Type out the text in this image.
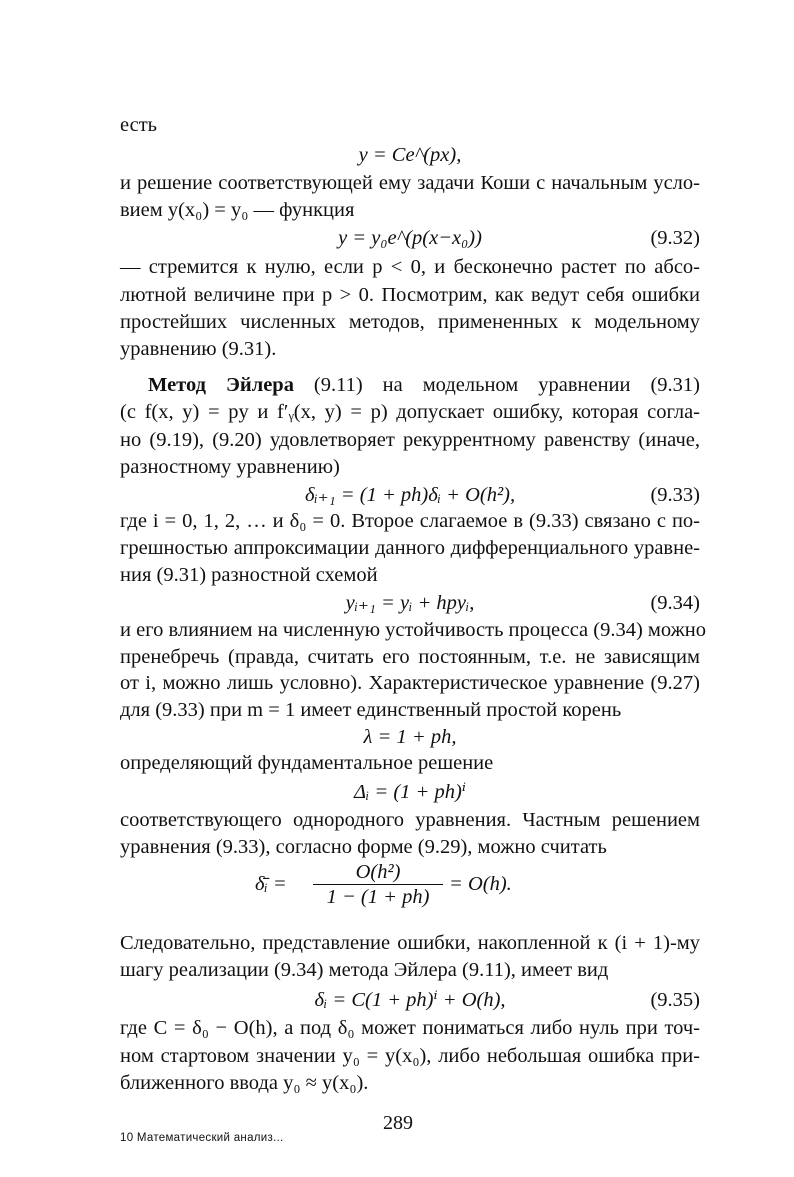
есть
и решение соответствующей ему задачи Коши с начальным усло-
вием y(x₀) = y₀ — функция
— стремится к нулю, если p < 0, и бесконечно растет по абсо-
лютной величине при p > 0. Посмотрим, как ведут себя ошибки
простейших численных методов, примененных к модельному
уравнению (9.31).
(с f(x, y) = py и f′ᵧ(x, y) = p) допускает ошибку, которая согла-
но (9.19), (9.20) удовлетворяет рекуррентному равенству (иначе,
разностному уравнению)
где i = 0, 1, 2, … и δ₀ = 0. Второе слагаемое в (9.33) связано с по-
грешностью аппроксимации данного дифференциального уравне-
ния (9.31) разностной схемой
и его влиянием на численную устойчивость процесса (9.34) можно
пренебречь (правда, считать его постоянным, т.е. не зависящим
от i, можно лишь условно). Характеристическое уравнение (9.27)
для (9.33) при m = 1 имеет единственный простой корень
определяющий фундаментальное решение
соответствующего однородного уравнения. Частным решением
уравнения (9.33), согласно форме (9.29), можно считать
Следовательно, представление ошибки, накопленной к (i + 1)-му
шагу реализации (9.34) метода Эйлера (9.11), имеет вид
где C = δ₀ − O(h), а под δ₀ может пониматься либо нуль при точ-
ном стартовом значении y₀ = y(x₀), либо небольшая ошибка при-
ближенного ввода y₀ ≈ y(x₀).
y = Ce^(px),
y = y₀e^(p(x−x₀))	(9.32)
δᵢ₊₁ = (1 + ph)δᵢ + O(h²),	(9.33)
yᵢ₊₁ = yᵢ + hpyᵢ,	(9.34)
λ = 1 + ph,
Δᵢ = (1 + ph)ⁱ
δᵢ = C(1 + ph)ⁱ + O(h),	(9.35)
Метод Эйлера (9.11) на модельном уравнении (9.31)
δ̄ᵢ = $\frac{\text{O(h²)}}{1 - (1 + ph)} = O(h)$.
289
10 Математический анализ...
